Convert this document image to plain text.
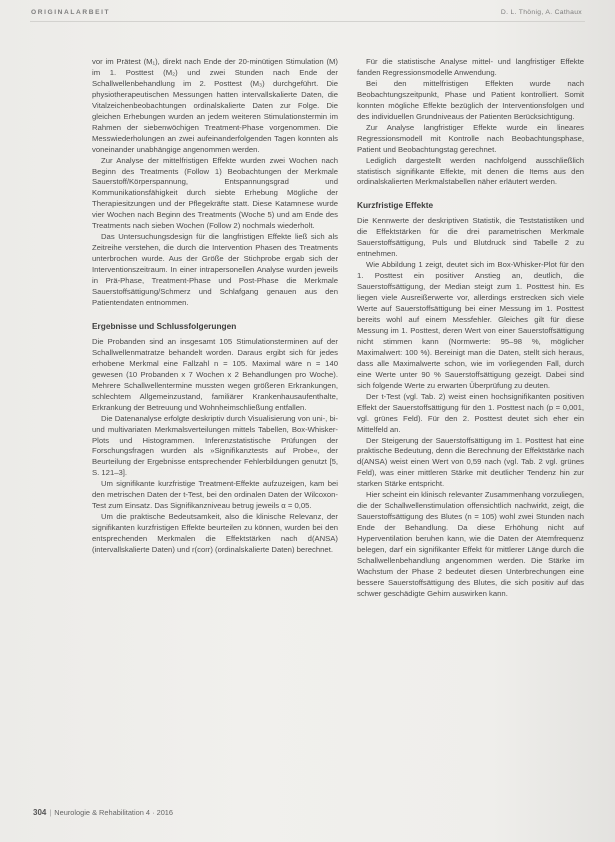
ORIGINALARBEIT	D. L. Thönig, A. Cathaux

vor im Prätest (M₁), direkt nach Ende der 20-minütigen Stimulation (M) im 1. Posttest (M₂) und zwei Stunden nach Ende der Schallwellenbehandlung im 2. Posttest (M₃) durchgeführt. Die physiotherapeutischen Messungen hatten intervallskalierte Daten, die Vitalzeichenbeobachtungen ordinalskalierte Daten zur Folge. Die gleichen Erhebungen wurden an jedem weiteren Stimulationstermin im Rahmen der siebenwöchigen Treatment-Phase vorgenommen. Die Messwiederholungen an zwei aufeinanderfolgenden Tagen konnten als voneinander unabhängige angenommen werden.

Zur Analyse der mittelfristigen Effekte wurden zwei Wochen nach Beginn des Treatments (Follow 1) Beobachtungen der Merkmale Sauerstoff/Körperspannung, Entspannungsgrad und Kommunikationsfähigkeit durch siebte Erhebung Mögliche der Therapiesitzungen und der Pflegekräfte statt. Diese Katamnese wurde vier Wochen nach Beginn des Treatments (Woche 5) und am Ende des Treatments nach sieben Wochen (Follow 2) nochmals wiederholt.

Das Untersuchungsdesign für die langfristigen Effekte ließ sich als Zeitreihe verstehen, die durch die Intervention Phasen des Treatments unterbrochen wurde. Aus der Größe der Stichprobe ergab sich der Interventionszeitraum. In einer intrapersonellen Analyse wurden jeweils in Prä-Phase, Treatment-Phase und Post-Phase die Merkmale Sauerstoffsättigung/Schmerz und Schlafgang genauen aus den Patientendaten entnommen.

Ergebnisse und Schlussfolgerungen

Die Probanden sind an insgesamt 105 Stimulationsterminen auf der Schallwellenmatratze behandelt worden. Daraus ergibt sich für jedes erhobene Merkmal eine Fallzahl n = 105. Maximal wäre n = 140 gewesen (10 Probanden x 7 Wochen x 2 Behandlungen pro Woche). Mehrere Schallwellentermine mussten wegen größeren Erkrankungen, schlechtem Allgemeinzustand, familiärer Krankenhausaufenthalte, Erkrankung der Betreuung und Wohnheimschließung entfallen.

Die Datenanalyse erfolgte deskriptiv durch Visualisierung von uni-, bi- und multivariaten Merkmalsverteilungen mittels Tabellen, Box-Whisker-Plots und Histogrammen. Inferenzstatistische Prüfungen der Forschungsfragen wurden als »Signifikanztests auf Probe«, der Beurteilung der Ergebnisse entsprechender Fehlerbildungen genutzt [5, S. 121–3].

Um signifikante kurzfristige Treatment-Effekte aufzuzeigen, kam bei den metrischen Daten der t-Test, bei den ordinalen Daten der Wilcoxon-Test zum Einsatz. Das Signifikanzniveau betrug jeweils α = 0,05.

Um die praktische Bedeutsamkeit, also die klinische Relevanz, der signifikanten kurzfristigen Effekte beurteilen zu können, wurden bei den entsprechenden Merkmalen die Effektstärken nach d(ANSA) (intervallskalierte Daten) und r(corr) (ordinalskalierte Daten) berechnet.

Für die statistische Analyse mittel- und langfristiger Effekte fanden Regressionsmodelle Anwendung.

Bei den mittelfristigen Effekten wurde nach Beobachtungszeitpunkt, Phase und Patient kontrolliert. Somit konnten mögliche Effekte bezüglich der Interventionsfolgen und des individuellen Grundniveaus der Patienten Berücksichtigung.

Zur Analyse langfristiger Effekte wurde ein lineares Regressionsmodell mit Kontrolle nach Beobachtungsphase, Patient und Beobachtungstag gerechnet.

Lediglich dargestellt werden nachfolgend ausschließlich statistisch signifikante Effekte, mit denen die Items aus den ordinalskalierten Merkmalstabellen näher erläutert werden.

Kurzfristige Effekte

Die Kennwerte der deskriptiven Statistik, die Teststatistiken und die Effektstärken für die drei parametrischen Merkmale Sauerstoffsättigung, Puls und Blutdruck sind Tabelle 2 zu entnehmen.

Wie Abbildung 1 zeigt, deutet sich im Box-Whisker-Plot für den 1. Posttest ein positiver Anstieg an, deutlich, die Sauerstoffsättigung, der Median steigt zum 1. Posttest hin. Es liegen viele Ausreißerwerte vor, allerdings erstrecken sich viele Werte auf Sauerstoffsättigung bei einer Messung im 1. Posttest bereits wohl auf einem Messfehler. Gleiches gilt für diese Messung im 1. Posttest, deren Wert von einer Sauerstoffsättigung nicht stimmen kann (Normwerte: 95–98 %, möglicher Maximalwert: 100 %). Bereinigt man die Daten, stellt sich heraus, dass alle Maximalwerte schon, wie im vorliegenden Fall, durch eine Werte unter 90 % Sauerstoffsättigung gezeigt. Dabei sind sich folgende Werte zu erwarten Überprüfung zu deuten.

Der t-Test (vgl. Tab. 2) weist einen hochsignifikanten positiven Effekt der Sauerstoffsättigung für den 1. Posttest nach (p = 0,001, vgl. grünes Feld). Für den 2. Posttest deutet sich eher ein Mittelfeld an.

Der Steigerung der Sauerstoffsättigung im 1. Posttest hat eine praktische Bedeutung, denn die Berechnung der Effektstärke nach d(ANSA) weist einen Wert von 0,59 nach (vgl. Tab. 2 vgl. grünes Feld), was einer mittleren Stärke mit deutlicher Tendenz hin zur starken Stärke entspricht.

Hier scheint ein klinisch relevanter Zusammenhang vorzuliegen, die der Schallwellenstimulation offensichtlich nachwirkt, zeigt, die Sauerstoffsättigung des Blutes (n = 105) wohl zwei Stunden nach Ende der Behandlung. Da diese Erhöhung nicht auf Hyperventilation beruhen kann, wie die Daten der Atemfrequenz belegen, darf ein signifikanter Effekt für mittlerer Länge durch die Schallwellenbehandlung angenommen werden. Die Stärke im Wachstum der Phase 2 bedeutet diesen Unterbrechungen eine bessere Sauerstoffsättigung des Blutes, die sich positiv auf das schwer geschädigte Gehirn auswirken kann.

304 | Neurologie & Rehabilitation 4 · 2016
